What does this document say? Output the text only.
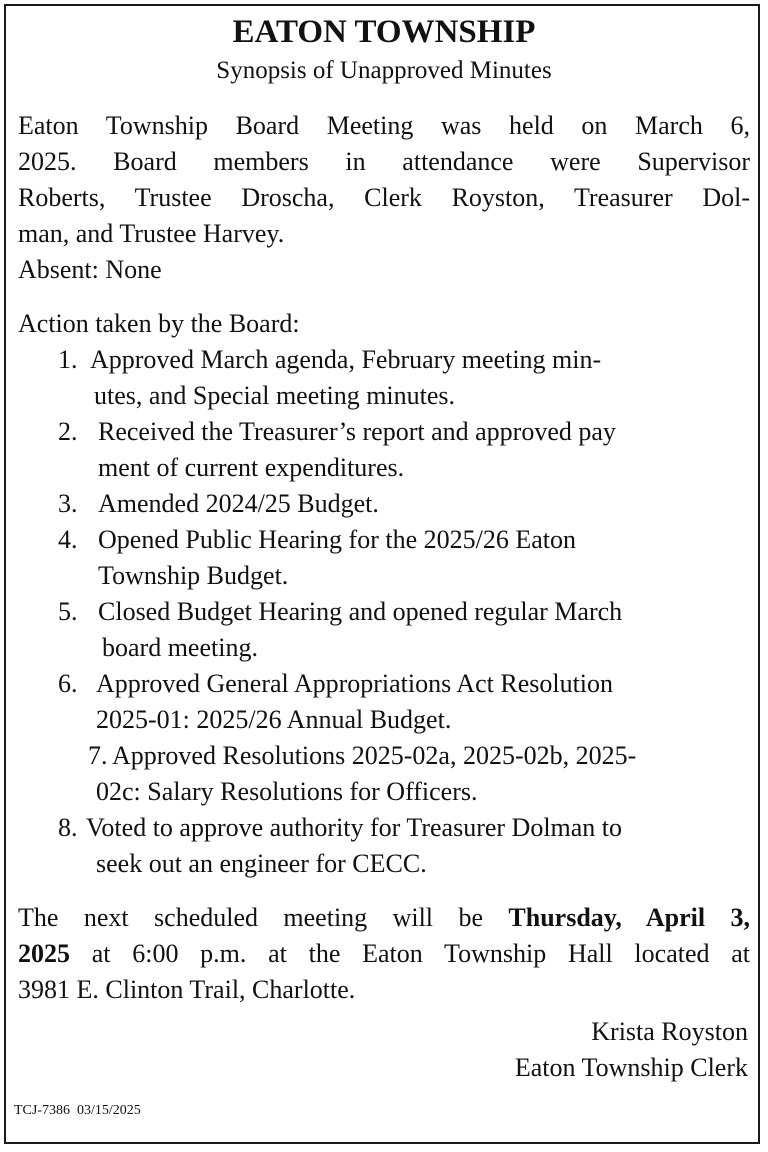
EATON TOWNSHIP
Synopsis of Unapproved Minutes
Eaton Township Board Meeting was held on March 6,
2025. Board members in attendance were Supervisor
Roberts, Trustee Droscha, Clerk Royston, Treasurer Dol-
man, and Trustee Harvey.
Absent: None
Action taken by the Board:
1. Approved March agenda, February meeting min-
utes, and Special meeting minutes.
2. Received the Treasurer’s report and approved pay
ment of current expenditures.
3. Amended 2024/25 Budget.
4. Opened Public Hearing for the 2025/26 Eaton
Township Budget.
5. Closed Budget Hearing and opened regular March
board meeting.
6. Approved General Appropriations Act Resolution
2025-01: 2025/26 Annual Budget.
7. Approved Resolutions 2025-02a, 2025-02b, 2025-
02c: Salary Resolutions for Officers.
8. Voted to approve authority for Treasurer Dolman to
seek out an engineer for CECC.
The next scheduled meeting will be Thursday, April 3,
2025 at 6:00 p.m. at the Eaton Township Hall located at
3981 E. Clinton Trail, Charlotte.
Krista Royston
Eaton Township Clerk
TCJ-7386 03/15/2025
